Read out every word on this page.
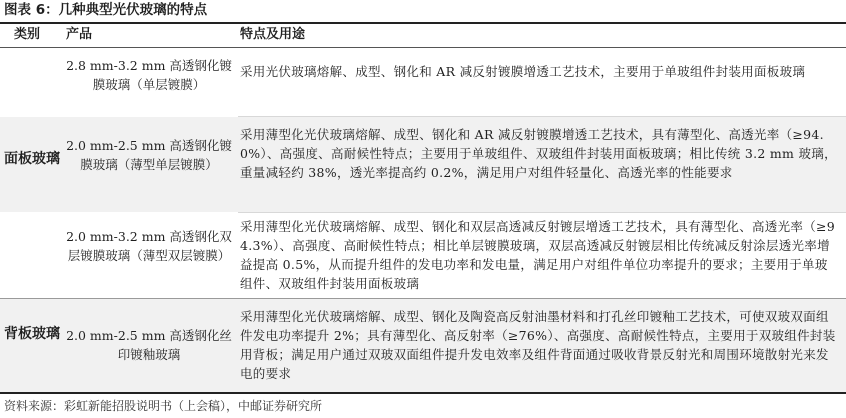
图表 6：几种典型光伏玻璃的特点
类别 产品	特点及用途
2.8 mm-3.2 mm 高透钢化镀膜玻璃（单层镀膜）
采用光伏玻璃熔解、成型、钢化和 AR 减反射镀膜增透工艺技术，主要用于单玻组件封装用面板玻璃
2.0 mm-2.5 mm 高透钢化镀膜玻璃（薄型单层镀膜）
采用薄型化光伏玻璃熔解、成型、钢化和 AR 减反射镀膜增透工艺技术，具有薄型化、高透光率（≥94.0%）、高强度、高耐候性特点；主要用于单玻组件、双玻组件封装用面板玻璃；相比传统 3.2 mm 玻璃，重量减轻约 38%，透光率提高约 0.2%，满足用户对组件轻量化、高透光率的性能要求
2.0 mm-3.2 mm 高透钢化双层镀膜玻璃（薄型双层镀膜）
采用薄型化光伏玻璃熔解、成型、钢化和双层高透减反射镀层增透工艺技术，具有薄型化、高透光率（≥94.3%）、高强度、高耐候性特点；相比单层镀膜玻璃，双层高透减反射镀层相比传统减反射涂层透光率增益提高 0.5%，从而提升组件的发电功率和发电量，满足用户对组件单位功率提升的要求；主要用于单玻组件、双玻组件封装用面板玻璃
面板玻璃
背板玻璃 2.0 mm-2.5 mm 高透钢化丝印镀釉玻璃
采用薄型化光伏玻璃熔解、成型、钢化及陶瓷高反射油墨材料和打孔丝印镀釉工艺技术，可使双玻双面组件发电功率提升 2%；具有薄型化、高反射率（≥76%）、高强度、高耐候性特点，主要用于双玻组件封装用背板；满足用户通过双玻双面组件提升发电效率及组件背面通过吸收背景反射光和周围环境散射光来发电的要求
资料来源：彩虹新能招股说明书（上会稿），中邮证券研究所
